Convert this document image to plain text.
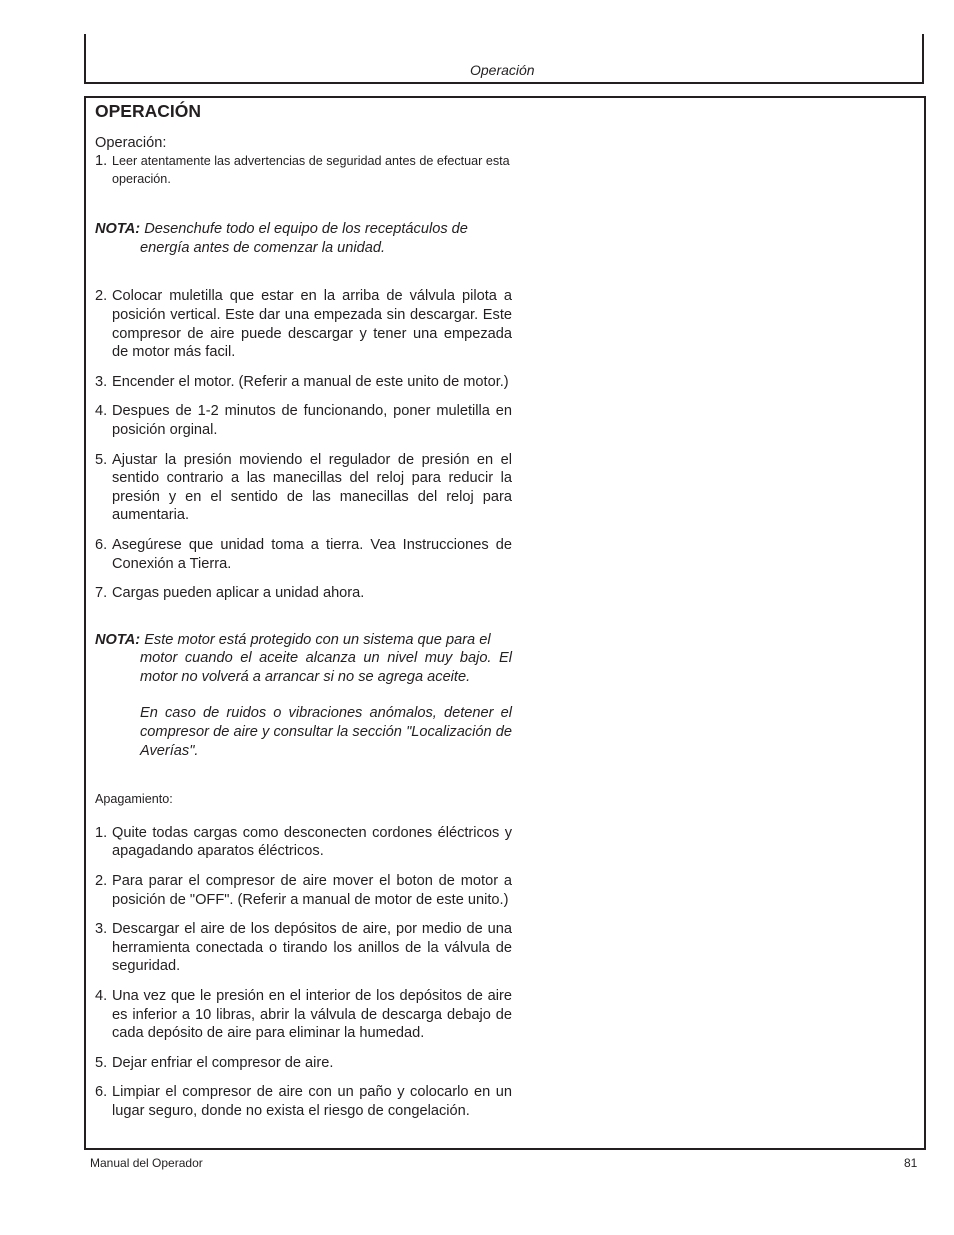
Operación
OPERACIÓN
Operación:
1. Leer atentamente las advertencias de seguridad antes de efectuar esta operación.
NOTA: Desenchufe todo el equipo de los receptáculos de
energía antes de comenzar la unidad.
2. Colocar muletilla que estar en la arriba de válvula pilota a posición vertical. Este dar una empezada sin descargar. Este compresor de aire puede descargar y tener una empezada de motor más facil.
3. Encender el motor. (Referir a manual de este unito de motor.)
4. Despues de 1-2 minutos de funcionando, poner muletilla en posición orginal.
5. Ajustar la presión moviendo el regulador de presión en el sentido contrario a las manecillas del reloj para reducir la presión y en el sentido de las manecillas del reloj para aumentaria.
6. Asegúrese que unidad toma a tierra. Vea Instrucciones de Conexión a Tierra.
7. Cargas pueden aplicar a unidad ahora.
NOTA: Este motor está protegido con un sistema que para el
motor cuando el aceite alcanza un nivel muy bajo. El motor no volverá a arrancar si no se agrega aceite.
En caso de ruidos o vibraciones anómalos, detener el compresor de aire y consultar la sección "Localización de Averías".
Apagamiento:
1. Quite todas cargas como desconecten cordones éléctricos y apagadando aparatos éléctricos.
2. Para parar el compresor de aire mover el boton de motor a posición de "OFF". (Referir a manual de motor de este unito.)
3. Descargar el aire de los depósitos de aire, por medio de una herramienta conectada o tirando los anillos de la válvula de seguridad.
4. Una vez que le presión en el interior de los depósitos de aire es inferior a 10 libras, abrir la válvula de descarga debajo de cada depósito de aire para eliminar la humedad.
5. Dejar enfriar el compresor de aire.
6. Limpiar el compresor de aire con un paño y colocarlo en un lugar seguro, donde no exista el riesgo de congelación.
Manual del Operador	81
